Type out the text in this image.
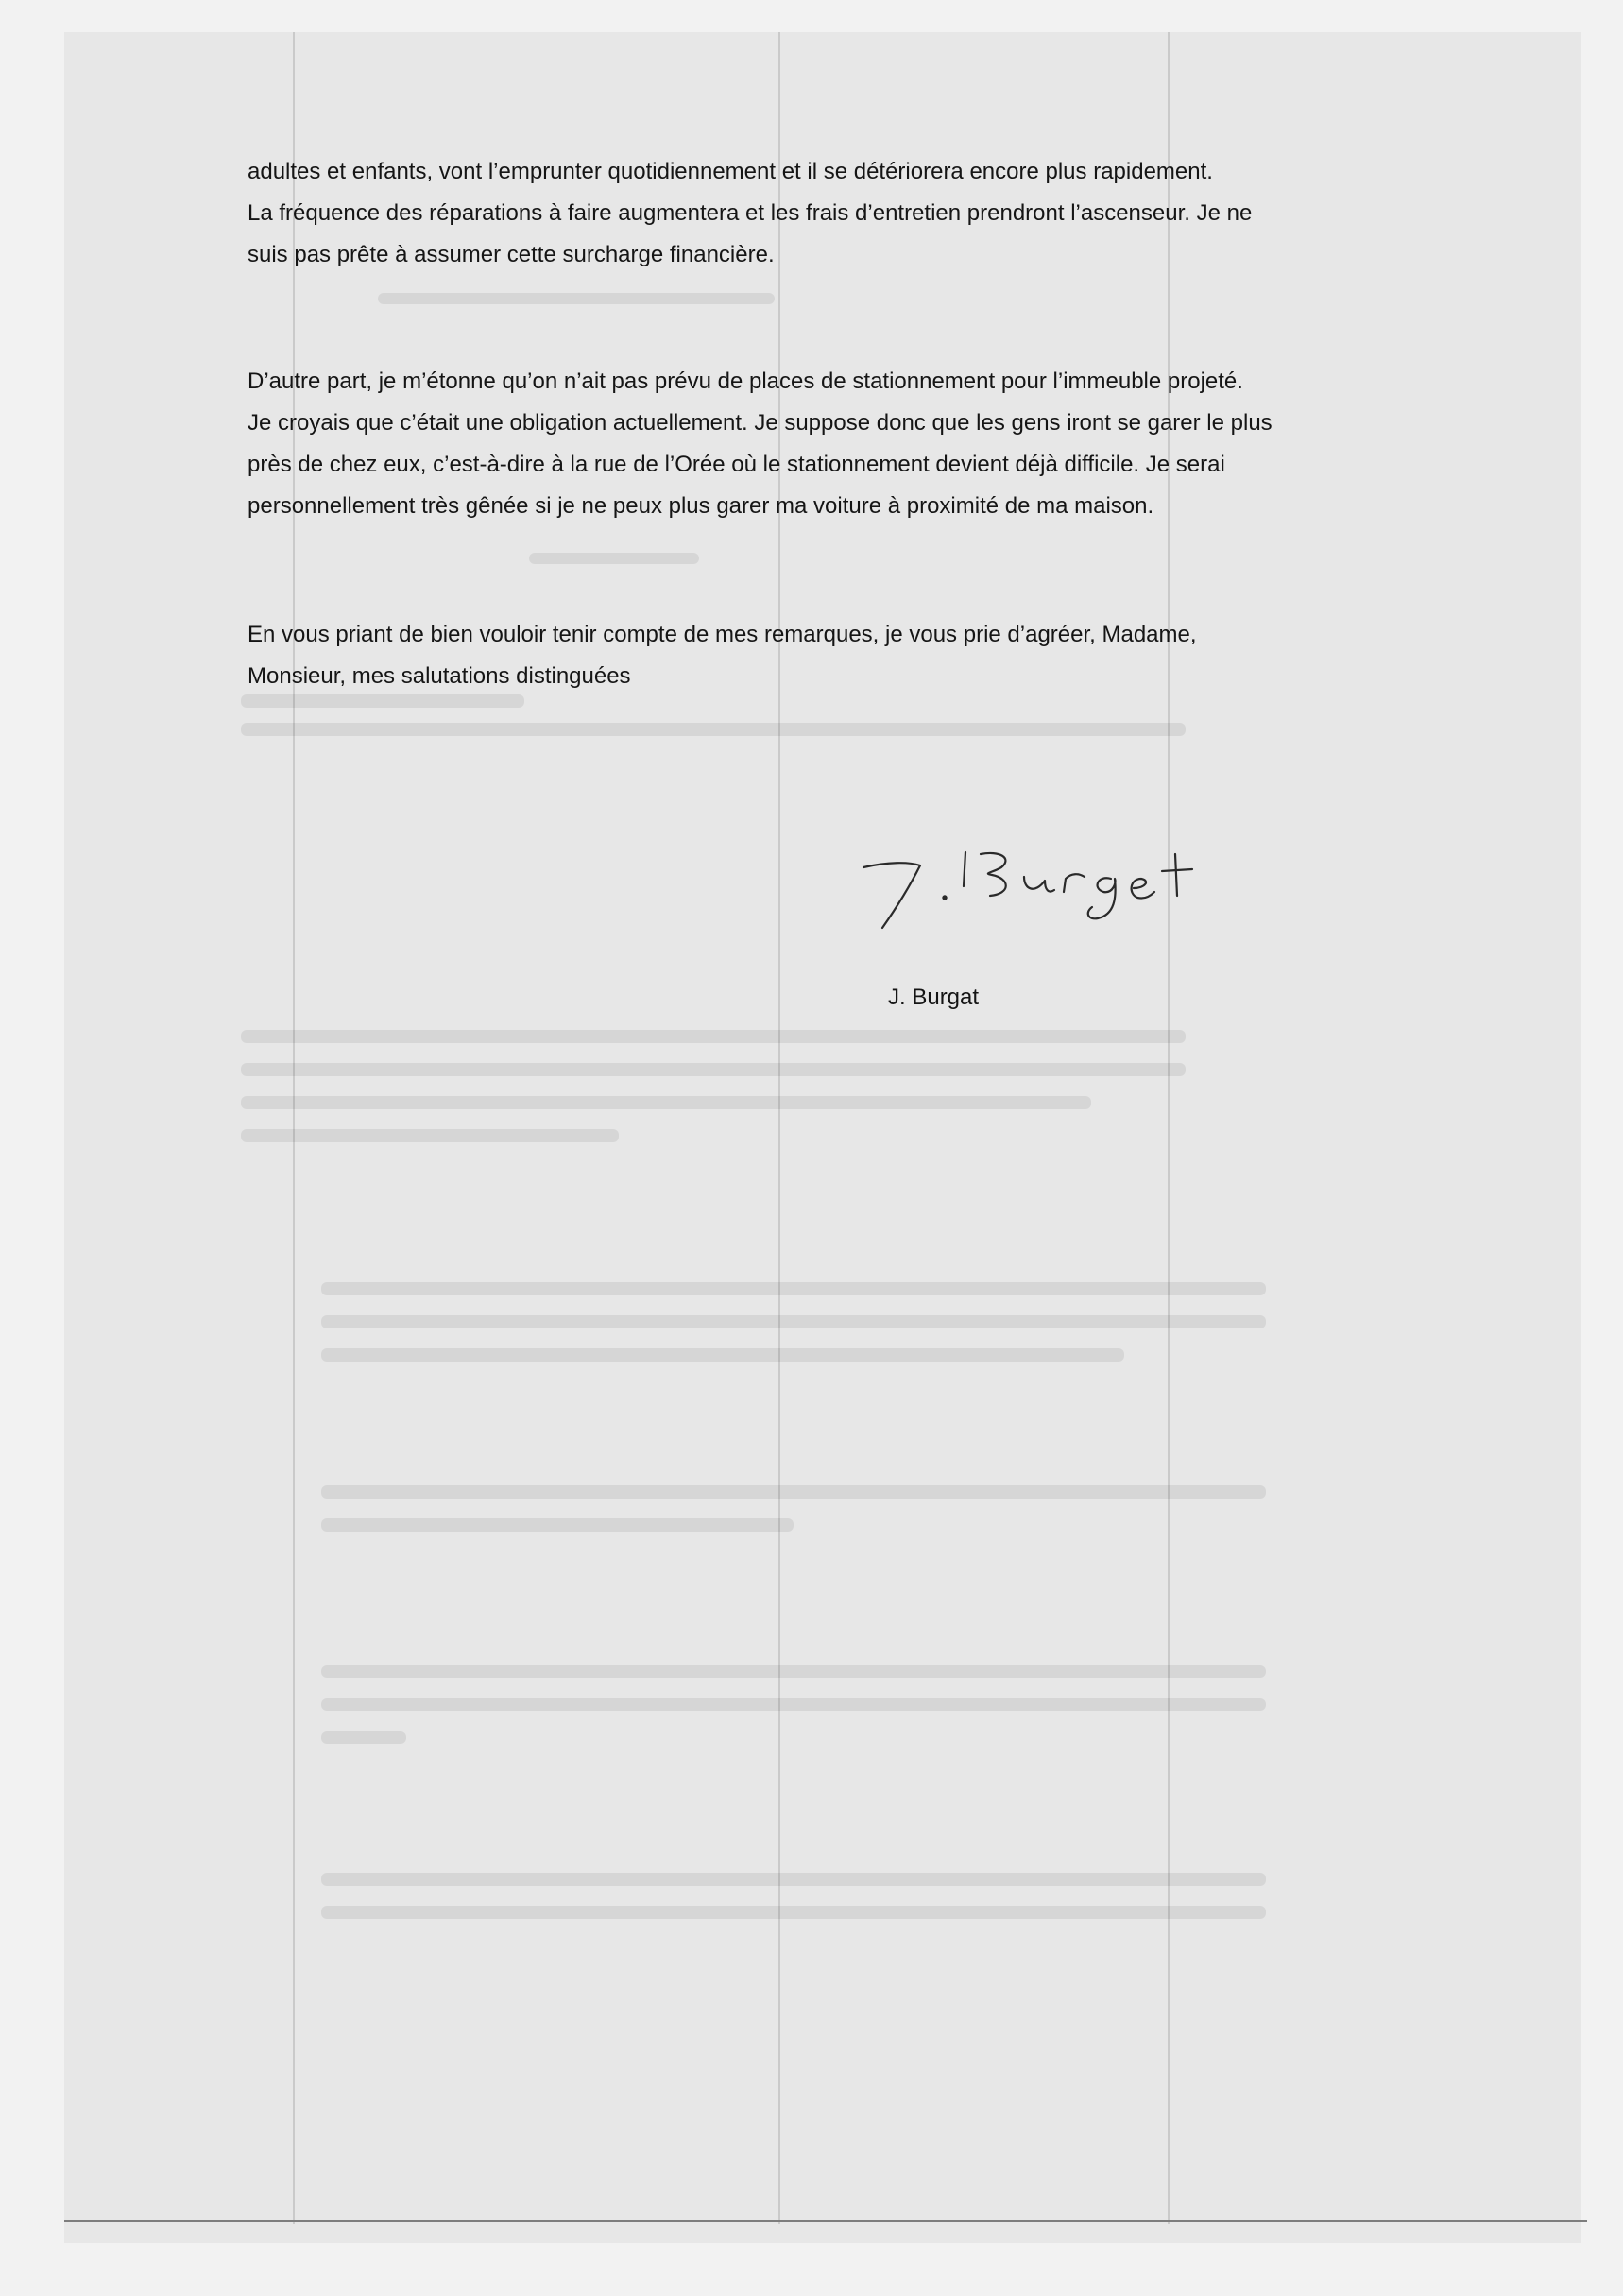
adultes et enfants, vont l’emprunter quotidiennement et il se détériorera encore plus rapidement.
La fréquence des réparations à faire augmentera et les frais d’entretien prendront l’ascenseur. Je ne
suis pas prête à assumer cette surcharge financière.

D’autre part, je m’étonne qu’on n’ait pas prévu de places de stationnement pour l’immeuble projeté.
Je croyais que c’était une obligation actuellement. Je suppose donc que les gens iront se garer le plus
près de chez eux, c’est-à-dire à la rue de l’Orée où le stationnement devient déjà difficile. Je serai
personnellement très gênée si je ne peux plus garer ma voiture à proximité de ma maison.

En vous priant de bien vouloir tenir compte de mes remarques, je vous prie d’agréer, Madame,
Monsieur, mes salutations distinguées

J. Burgat
